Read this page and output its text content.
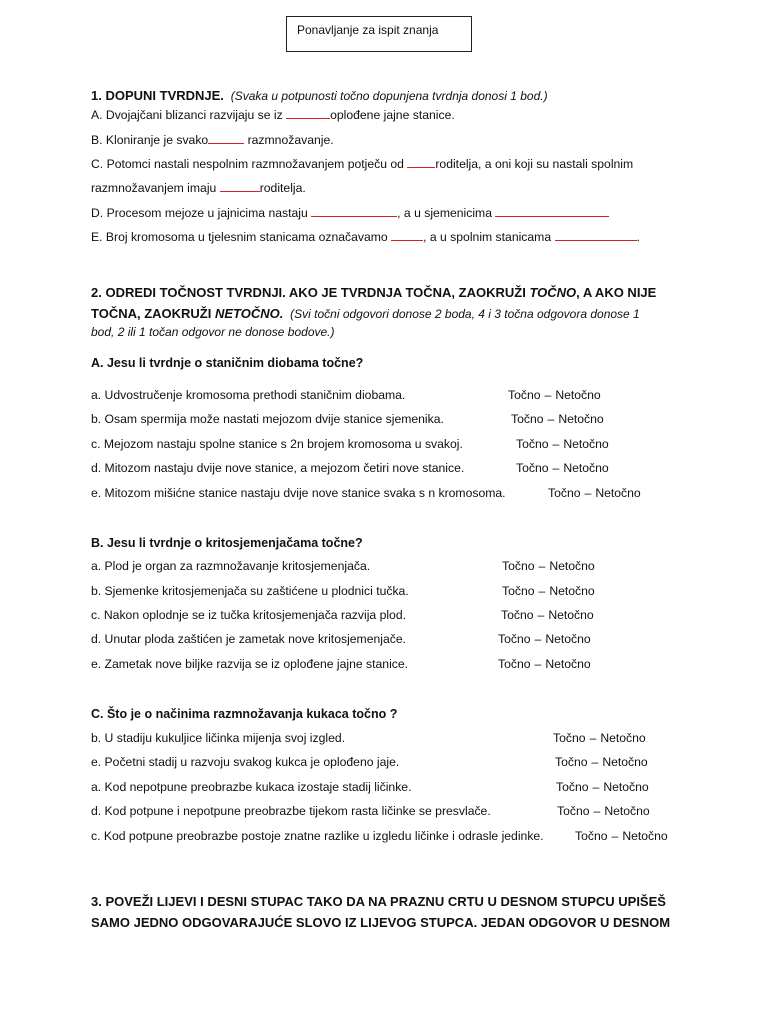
Ponavljanje za ispit znanja
1. DOPUNI TVRDNJE. (Svaka u potpunosti točno dopunjena tvrdnja donosi 1 bod.)
A. Dvojajčani blizanci razvijaju se iz	oplođene jajne stanice.
B. Kloniranje je svako	razmnožavanje.
C. Potomci nastali nespolnim razmnožavanjem potječu od roditelja, a oni koji su nastali spolnim
razmnožavanjem imaju	roditelja.
D. Procesom mejoze u jajnicima nastaju	, a u sjemenicima
E. Broj kromosoma u tjelesnim stanicama označavamo	, a u spolnim stanicama	.
2. ODREDI TOČNOST TVRDNJI. AKO JE TVRDNJA TOČNA, ZAOKRUŽI TOČNO, A AKO NIJE
TOČNA, ZAOKRUŽI NETOČNO. (Svi točni odgovori donose 2 boda, 4 i 3 točna odgovora donose 1
bod, 2 ili 1 točan odgovor ne donose bodove.)
A. Jesu li tvrdnje o staničnim diobama točne?
a. Udvostručenje kromosoma prethodi staničnim diobama.	Točno – Netočno
b. Osam spermija može nastati mejozom dvije stanice sjemenika.	Točno – Netočno
c. Mejozom nastaju spolne stanice s 2n brojem kromosoma u svakoj.	Točno – Netočno
d. Mitozom nastaju dvije nove stanice, a mejozom četiri nove stanice.	Točno – Netočno
e. Mitozom mišićne stanice nastaju dvije nove stanice svaka s n kromosoma.	Točno – Netočno
B. Jesu li tvrdnje o kritosjemenjačama točne?
a. Plod je organ za razmnožavanje kritosjemenjača.	Točno – Netočno
b. Sjemenke kritosjemenjača su zaštićene u plodnici tučka.	Točno – Netočno
c. Nakon oplodnje se iz tučka kritosjemenjača razvija plod.	Točno – Netočno
d. Unutar ploda zaštićen je zametak nove kritosjemenjače.	Točno – Netočno
e. Zametak nove biljke razvija se iz oplođene jajne stanice.	Točno – Netočno
C. Što je o načinima razmnožavanja kukaca točno ?
b. U stadiju kukuljice ličinka mijenja svoj izgled.	Točno – Netočno
e. Početni stadij u razvoju svakog kukca je oplođeno jaje.	Točno – Netočno
a. Kod nepotpune preobrazbe kukaca izostaje stadij ličinke.	Točno – Netočno
d. Kod potpune i nepotpune preobrazbe tijekom rasta ličinke se presvlače.	Točno – Netočno
c. Kod potpune preobrazbe postoje znatne razlike u izgledu ličinke i odrasle jedinke.	Točno – Netočno
3. POVEŽI LIJEVI I DESNI STUPAC TAKO DA NA PRAZNU CRTU U DESNOM STUPCU UPIŠEŠ
SAMO JEDNO ODGOVARAJUĆE SLOVO IZ LIJEVOG STUPCA. JEDAN ODGOVOR U DESNOM
